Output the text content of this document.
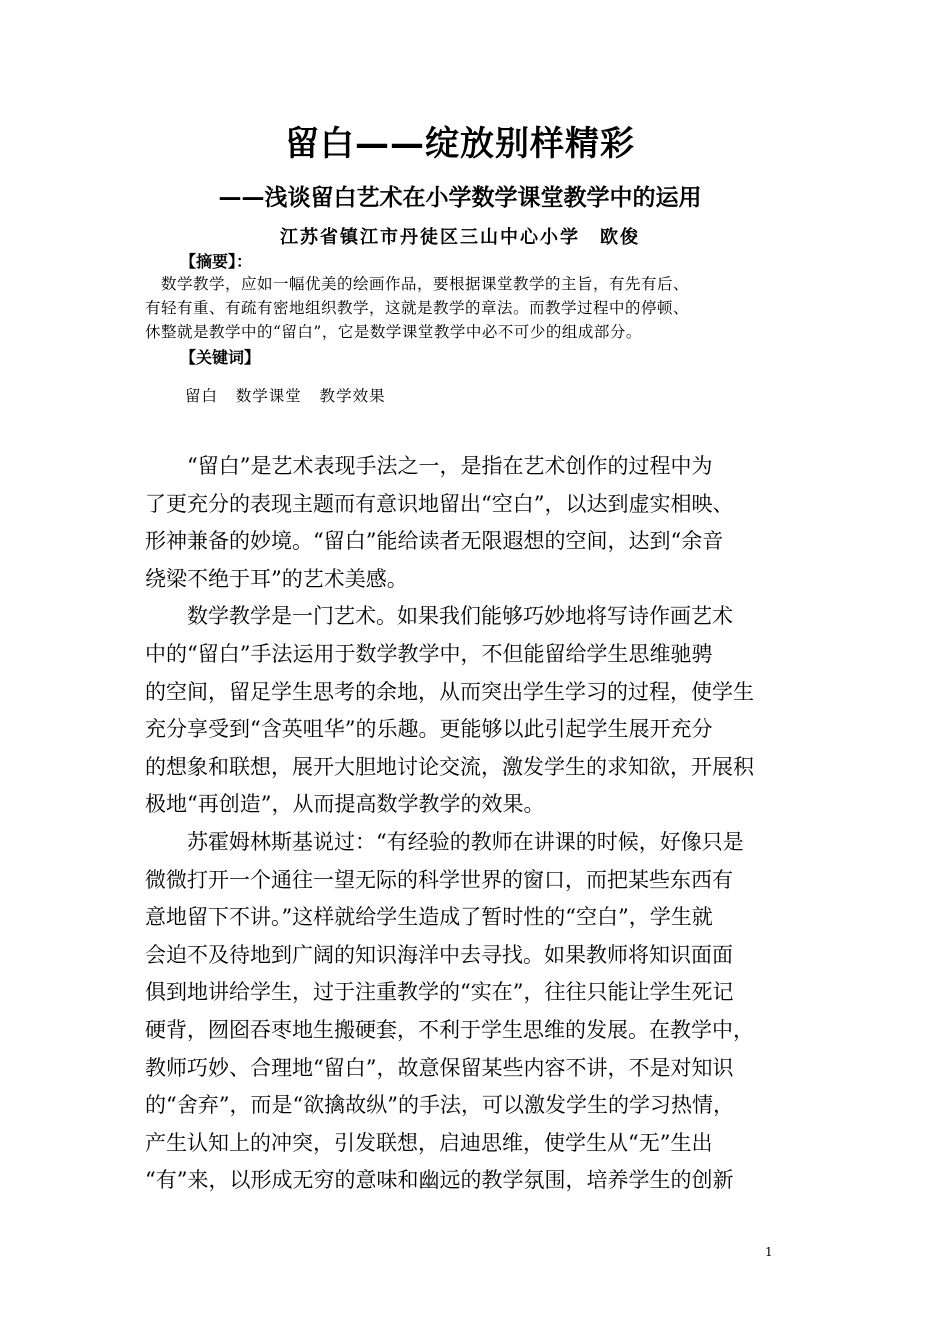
留白——绽放别样精彩
——浅谈留白艺术在小学数学课堂教学中的运用
江苏省镇江市丹徒区三山中心小学　欧俊
【摘要】：
　数学教学，应如一幅优美的绘画作品，要根据课堂教学的主旨，有先有后、
有轻有重、有疏有密地组织教学，这就是教学的章法。而教学过程中的停顿、
休整就是教学中的“留白”，它是数学课堂教学中必不可少的组成部分。
【关键词】
留白   数学课堂   教学效果
　　“留白”是艺术表现手法之一，是指在艺术创作的过程中为
了更充分的表现主题而有意识地留出“空白”，以达到虚实相映、
形神兼备的妙境。“留白”能给读者无限遐想的空间，达到“余音
绕梁不绝于耳”的艺术美感。
　　数学教学是一门艺术。如果我们能够巧妙地将写诗作画艺术
中的“留白”手法运用于数学教学中，不但能留给学生思维驰骋
的空间，留足学生思考的余地，从而突出学生学习的过程，使学生
充分享受到“含英咀华”的乐趣。更能够以此引起学生展开充分
的想象和联想，展开大胆地讨论交流，激发学生的求知欲，开展积
极地“再创造”，从而提高数学教学的效果。
　　苏霍姆林斯基说过：“有经验的教师在讲课的时候，好像只是
微微打开一个通往一望无际的科学世界的窗口，而把某些东西有
意地留下不讲。”这样就给学生造成了暂时性的“空白”，学生就
会迫不及待地到广阔的知识海洋中去寻找。如果教师将知识面面
俱到地讲给学生，过于注重教学的“实在”，往往只能让学生死记
硬背，囫囵吞枣地生搬硬套，不利于学生思维的发展。在教学中，
教师巧妙、合理地“留白”，故意保留某些内容不讲，不是对知识
的“舍弃”，而是“欲擒故纵”的手法，可以激发学生的学习热情，
产生认知上的冲突，引发联想，启迪思维，使学生从“无”生出
“有”来，以形成无穷的意味和幽远的教学氛围，培养学生的创新
1
